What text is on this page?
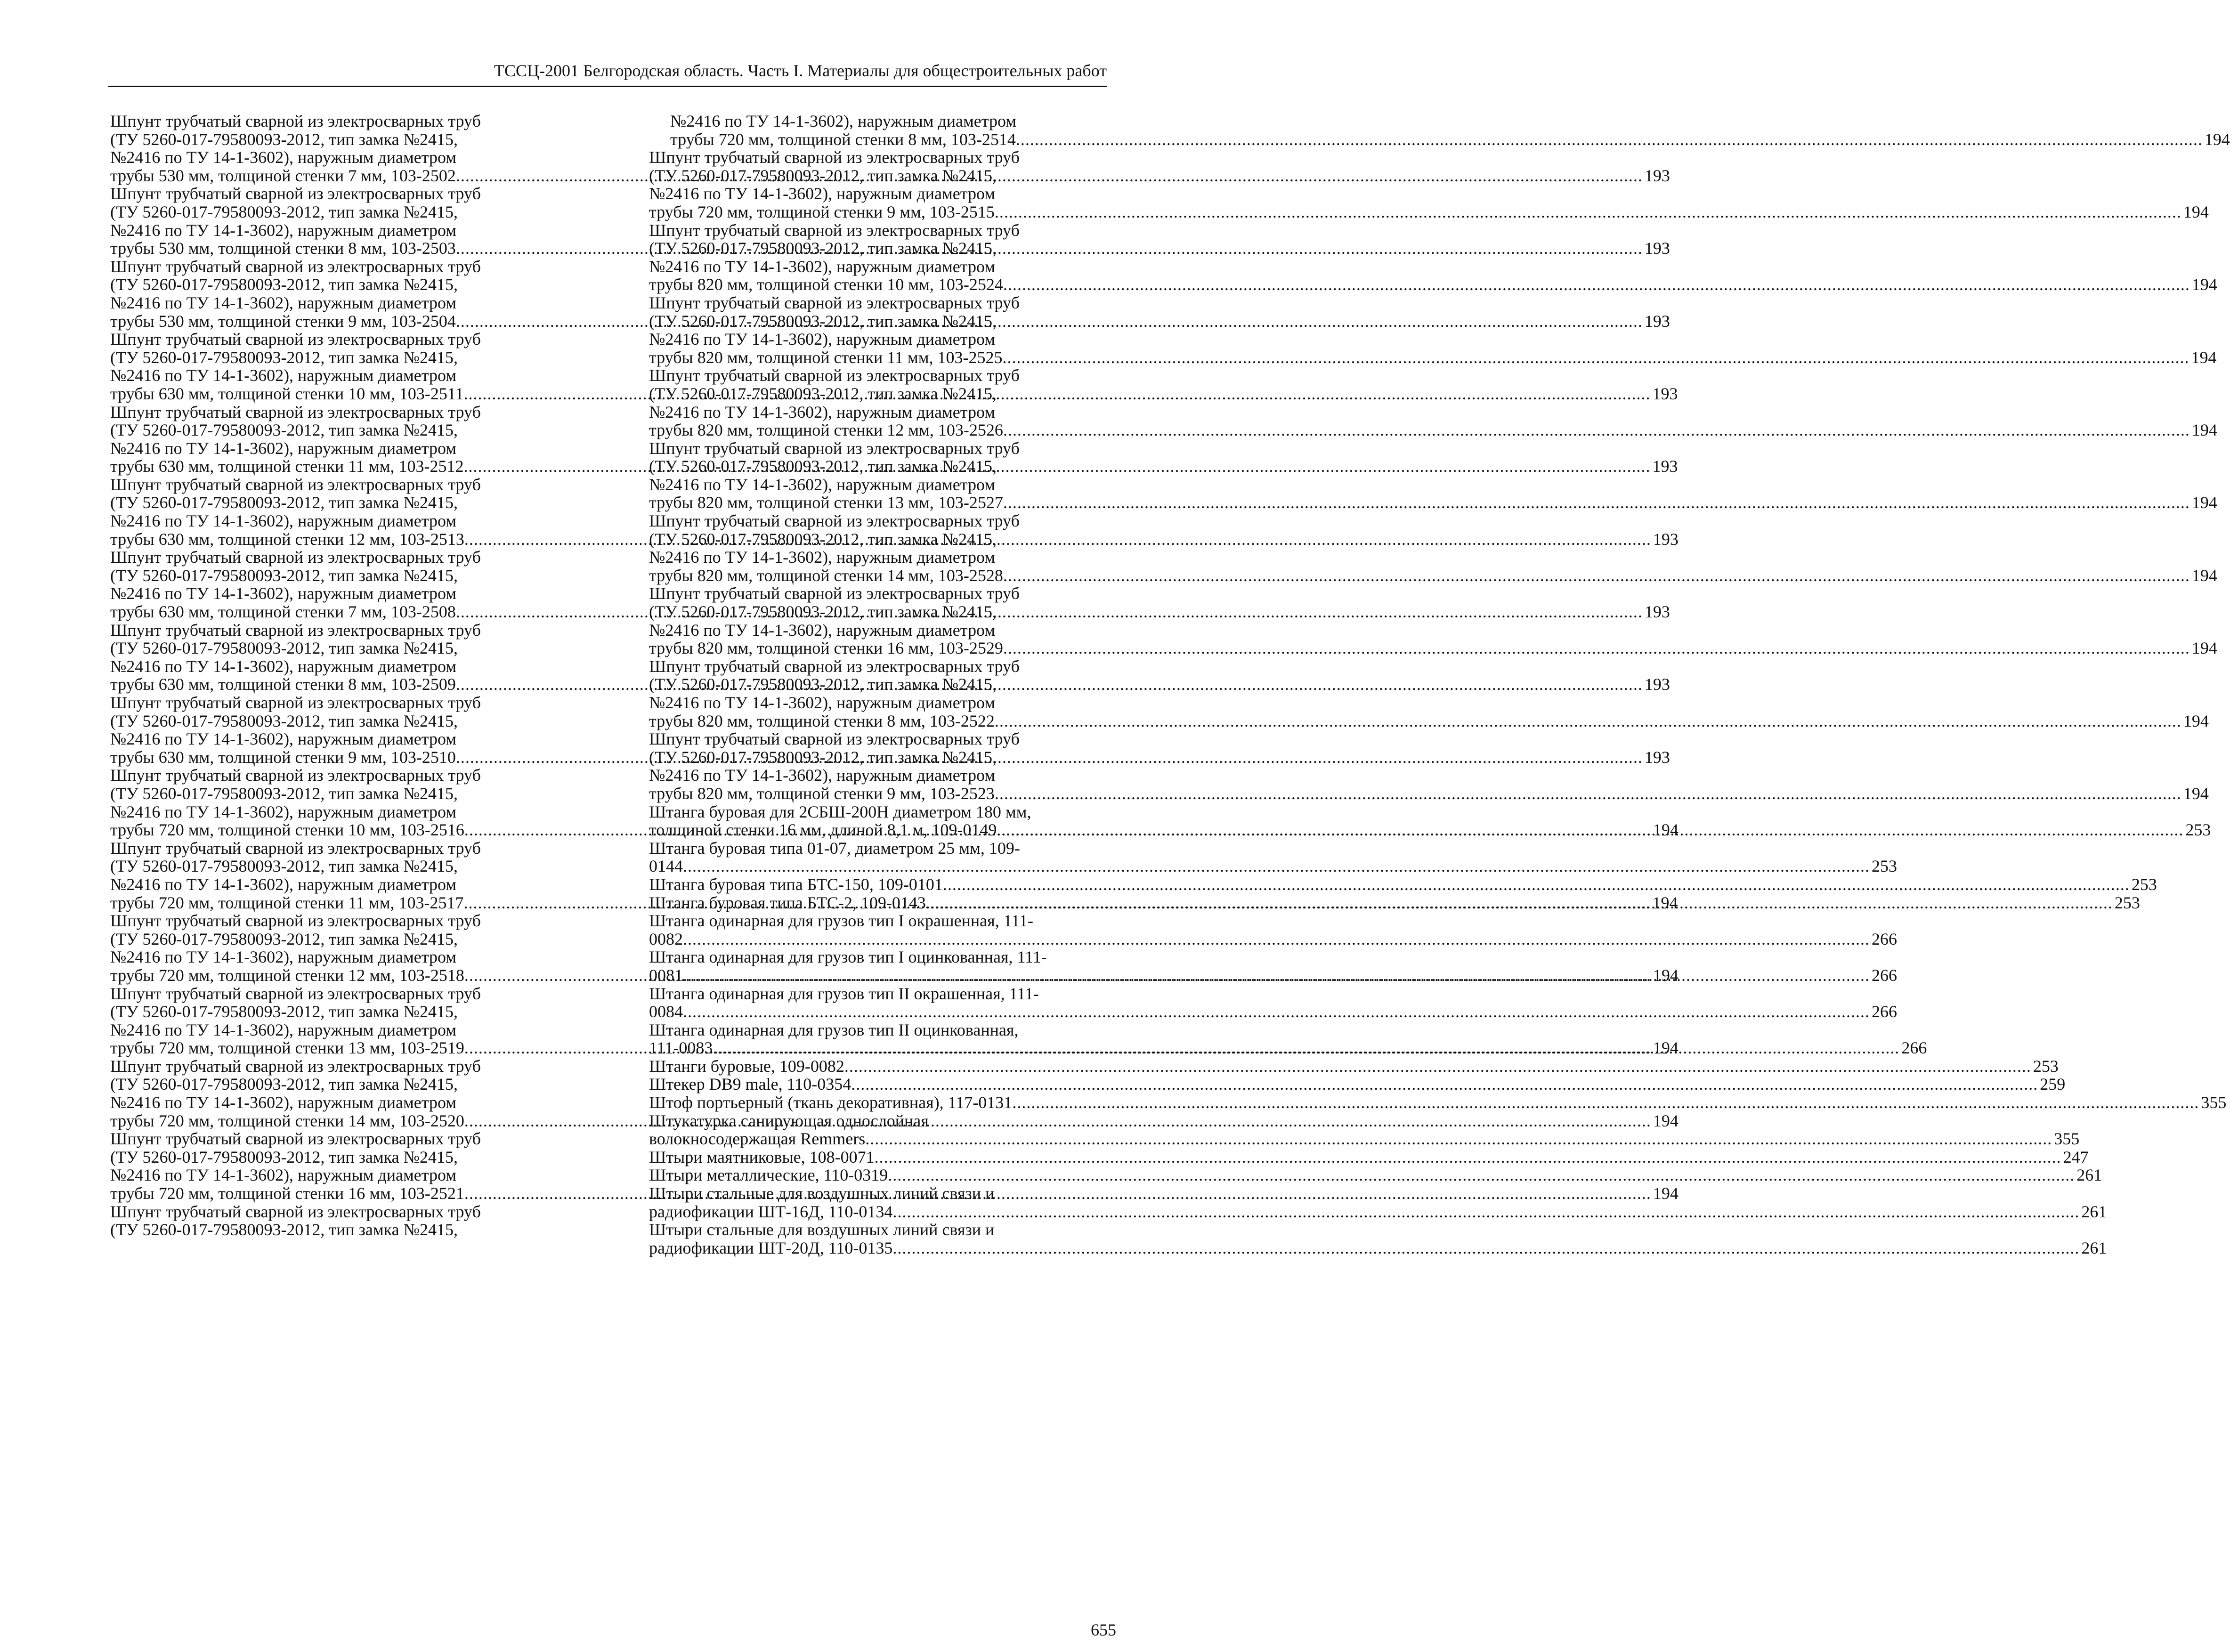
ТССЦ-2001 Белгородская область. Часть I. Материалы для общестроительных работ
Шпунт трубчатый сварной из электросварных труб
(ТУ 5260-017-79580093-2012, тип замка №2415,
№2416 по ТУ 14-1-3602), наружным диаметром
трубы 530 мм, толщиной стенки 7 мм, 103-2502 .....	193
Шпунт трубчатый сварной из электросварных труб
(ТУ 5260-017-79580093-2012, тип замка №2415,
№2416 по ТУ 14-1-3602), наружным диаметром
трубы 530 мм, толщиной стенки 8 мм, 103-2503 .....	193
Шпунт трубчатый сварной из электросварных труб
(ТУ 5260-017-79580093-2012, тип замка №2415,
№2416 по ТУ 14-1-3602), наружным диаметром
трубы 530 мм, толщиной стенки 9 мм, 103-2504 .....	193
Шпунт трубчатый сварной из электросварных труб
(ТУ 5260-017-79580093-2012, тип замка №2415,
№2416 по ТУ 14-1-3602), наружным диаметром
трубы 630 мм, толщиной стенки 10 мм, 103-2511 .....	193
Шпунт трубчатый сварной из электросварных труб
(ТУ 5260-017-79580093-2012, тип замка №2415,
№2416 по ТУ 14-1-3602), наружным диаметром
трубы 630 мм, толщиной стенки 11 мм, 103-2512 .....	193
Шпунт трубчатый сварной из электросварных труб
(ТУ 5260-017-79580093-2012, тип замка №2415,
№2416 по ТУ 14-1-3602), наружным диаметром
трубы 630 мм, толщиной стенки 12 мм, 103-2513 .....	193
Шпунт трубчатый сварной из электросварных труб
(ТУ 5260-017-79580093-2012, тип замка №2415,
№2416 по ТУ 14-1-3602), наружным диаметром
трубы 630 мм, толщиной стенки 7 мм, 103-2508 .....	193
Шпунт трубчатый сварной из электросварных труб
(ТУ 5260-017-79580093-2012, тип замка №2415,
№2416 по ТУ 14-1-3602), наружным диаметром
трубы 630 мм, толщиной стенки 8 мм, 103-2509 .....	193
Шпунт трубчатый сварной из электросварных труб
(ТУ 5260-017-79580093-2012, тип замка №2415,
№2416 по ТУ 14-1-3602), наружным диаметром
трубы 630 мм, толщиной стенки 9 мм, 103-2510 .....	193
Шпунт трубчатый сварной из электросварных труб
(ТУ 5260-017-79580093-2012, тип замка №2415,
№2416 по ТУ 14-1-3602), наружным диаметром
трубы 720 мм, толщиной стенки 10 мм, 103-2516 .....	194
Шпунт трубчатый сварной из электросварных труб
(ТУ 5260-017-79580093-2012, тип замка №2415,
№2416 по ТУ 14-1-3602), наружным диаметром
трубы 720 мм, толщиной стенки 11 мм, 103-2517 .....	194
Шпунт трубчатый сварной из электросварных труб
(ТУ 5260-017-79580093-2012, тип замка №2415,
№2416 по ТУ 14-1-3602), наружным диаметром
трубы 720 мм, толщиной стенки 12 мм, 103-2518 .....	194
Шпунт трубчатый сварной из электросварных труб
(ТУ 5260-017-79580093-2012, тип замка №2415,
№2416 по ТУ 14-1-3602), наружным диаметром
трубы 720 мм, толщиной стенки 13 мм, 103-2519 .....	194
Шпунт трубчатый сварной из электросварных труб
(ТУ 5260-017-79580093-2012, тип замка №2415,
№2416 по ТУ 14-1-3602), наружным диаметром
трубы 720 мм, толщиной стенки 14 мм, 103-2520 .....	194
Шпунт трубчатый сварной из электросварных труб
(ТУ 5260-017-79580093-2012, тип замка №2415,
№2416 по ТУ 14-1-3602), наружным диаметром
трубы 720 мм, толщиной стенки 16 мм, 103-2521 .....	194
Шпунт трубчатый сварной из электросварных труб
(ТУ 5260-017-79580093-2012, тип замка №2415,
№2416 по ТУ 14-1-3602), наружным диаметром
трубы 720 мм, толщиной стенки 8 мм, 103-2514 .....	194
Шпунт трубчатый сварной из электросварных труб
(ТУ 5260-017-79580093-2012, тип замка №2415,
№2416 по ТУ 14-1-3602), наружным диаметром
трубы 720 мм, толщиной стенки 9 мм, 103-2515 .....	194
Шпунт трубчатый сварной из электросварных труб
(ТУ 5260-017-79580093-2012, тип замка №2415,
№2416 по ТУ 14-1-3602), наружным диаметром
трубы 820 мм, толщиной стенки 10 мм, 103-2524 .....	194
Шпунт трубчатый сварной из электросварных труб
(ТУ 5260-017-79580093-2012, тип замка №2415,
№2416 по ТУ 14-1-3602), наружным диаметром
трубы 820 мм, толщиной стенки 11 мм, 103-2525 .....	194
Шпунт трубчатый сварной из электросварных труб
(ТУ 5260-017-79580093-2012, тип замка №2415,
№2416 по ТУ 14-1-3602), наружным диаметром
трубы 820 мм, толщиной стенки 12 мм, 103-2526 .....	194
Шпунт трубчатый сварной из электросварных труб
(ТУ 5260-017-79580093-2012, тип замка №2415,
№2416 по ТУ 14-1-3602), наружным диаметром
трубы 820 мм, толщиной стенки 13 мм, 103-2527 .....	194
Шпунт трубчатый сварной из электросварных труб
(ТУ 5260-017-79580093-2012, тип замка №2415,
№2416 по ТУ 14-1-3602), наружным диаметром
трубы 820 мм, толщиной стенки 14 мм, 103-2528 .....	194
Шпунт трубчатый сварной из электросварных труб
(ТУ 5260-017-79580093-2012, тип замка №2415,
№2416 по ТУ 14-1-3602), наружным диаметром
трубы 820 мм, толщиной стенки 16 мм, 103-2529 .....	194
Шпунт трубчатый сварной из электросварных труб
(ТУ 5260-017-79580093-2012, тип замка №2415,
№2416 по ТУ 14-1-3602), наружным диаметром
трубы 820 мм, толщиной стенки 8 мм, 103-2522 .....	194
Шпунт трубчатый сварной из электросварных труб
(ТУ 5260-017-79580093-2012, тип замка №2415,
№2416 по ТУ 14-1-3602), наружным диаметром
трубы 820 мм, толщиной стенки 9 мм, 103-2523 .....	194
Штанга буровая для 2СБШ-200Н диаметром 180 мм,
толщиной стенки 16 мм, длиной 8,1 м, 109-0149 .....	253
Штанга буровая типа 01-07, диаметром 25 мм, 109-
0144 .....	253
Штанга буровая типа БТС-150, 109-0101 .....	253
Штанга буровая типа БТС-2, 109-0143 .....	253
Штанга одинарная для грузов тип I окрашенная, 111-
0082 .....	266
Штанга одинарная для грузов тип I оцинкованная, 111-
0081 .....	266
Штанга одинарная для грузов тип II окрашенная, 111-
0084 .....	266
Штанга одинарная для грузов тип II оцинкованная,
111-0083 .....	266
Штанги буровые, 109-0082 .....	253
Штекер DB9 male, 110-0354 .....	259
Штоф портьерный (ткань декоративная), 117-0131 .....	355
Штукатурка санирующая однослойная
волокносодержащая Remmers .....	355
Штыри маятниковые, 108-0071 .....	247
Штыри металлические, 110-0319 .....	261
Штыри стальные для воздушных линий связи и
радиофикации ШТ-16Д, 110-0134 .....	261
Штыри стальные для воздушных линий связи и
радиофикации ШТ-20Д, 110-0135 .....	261
655
